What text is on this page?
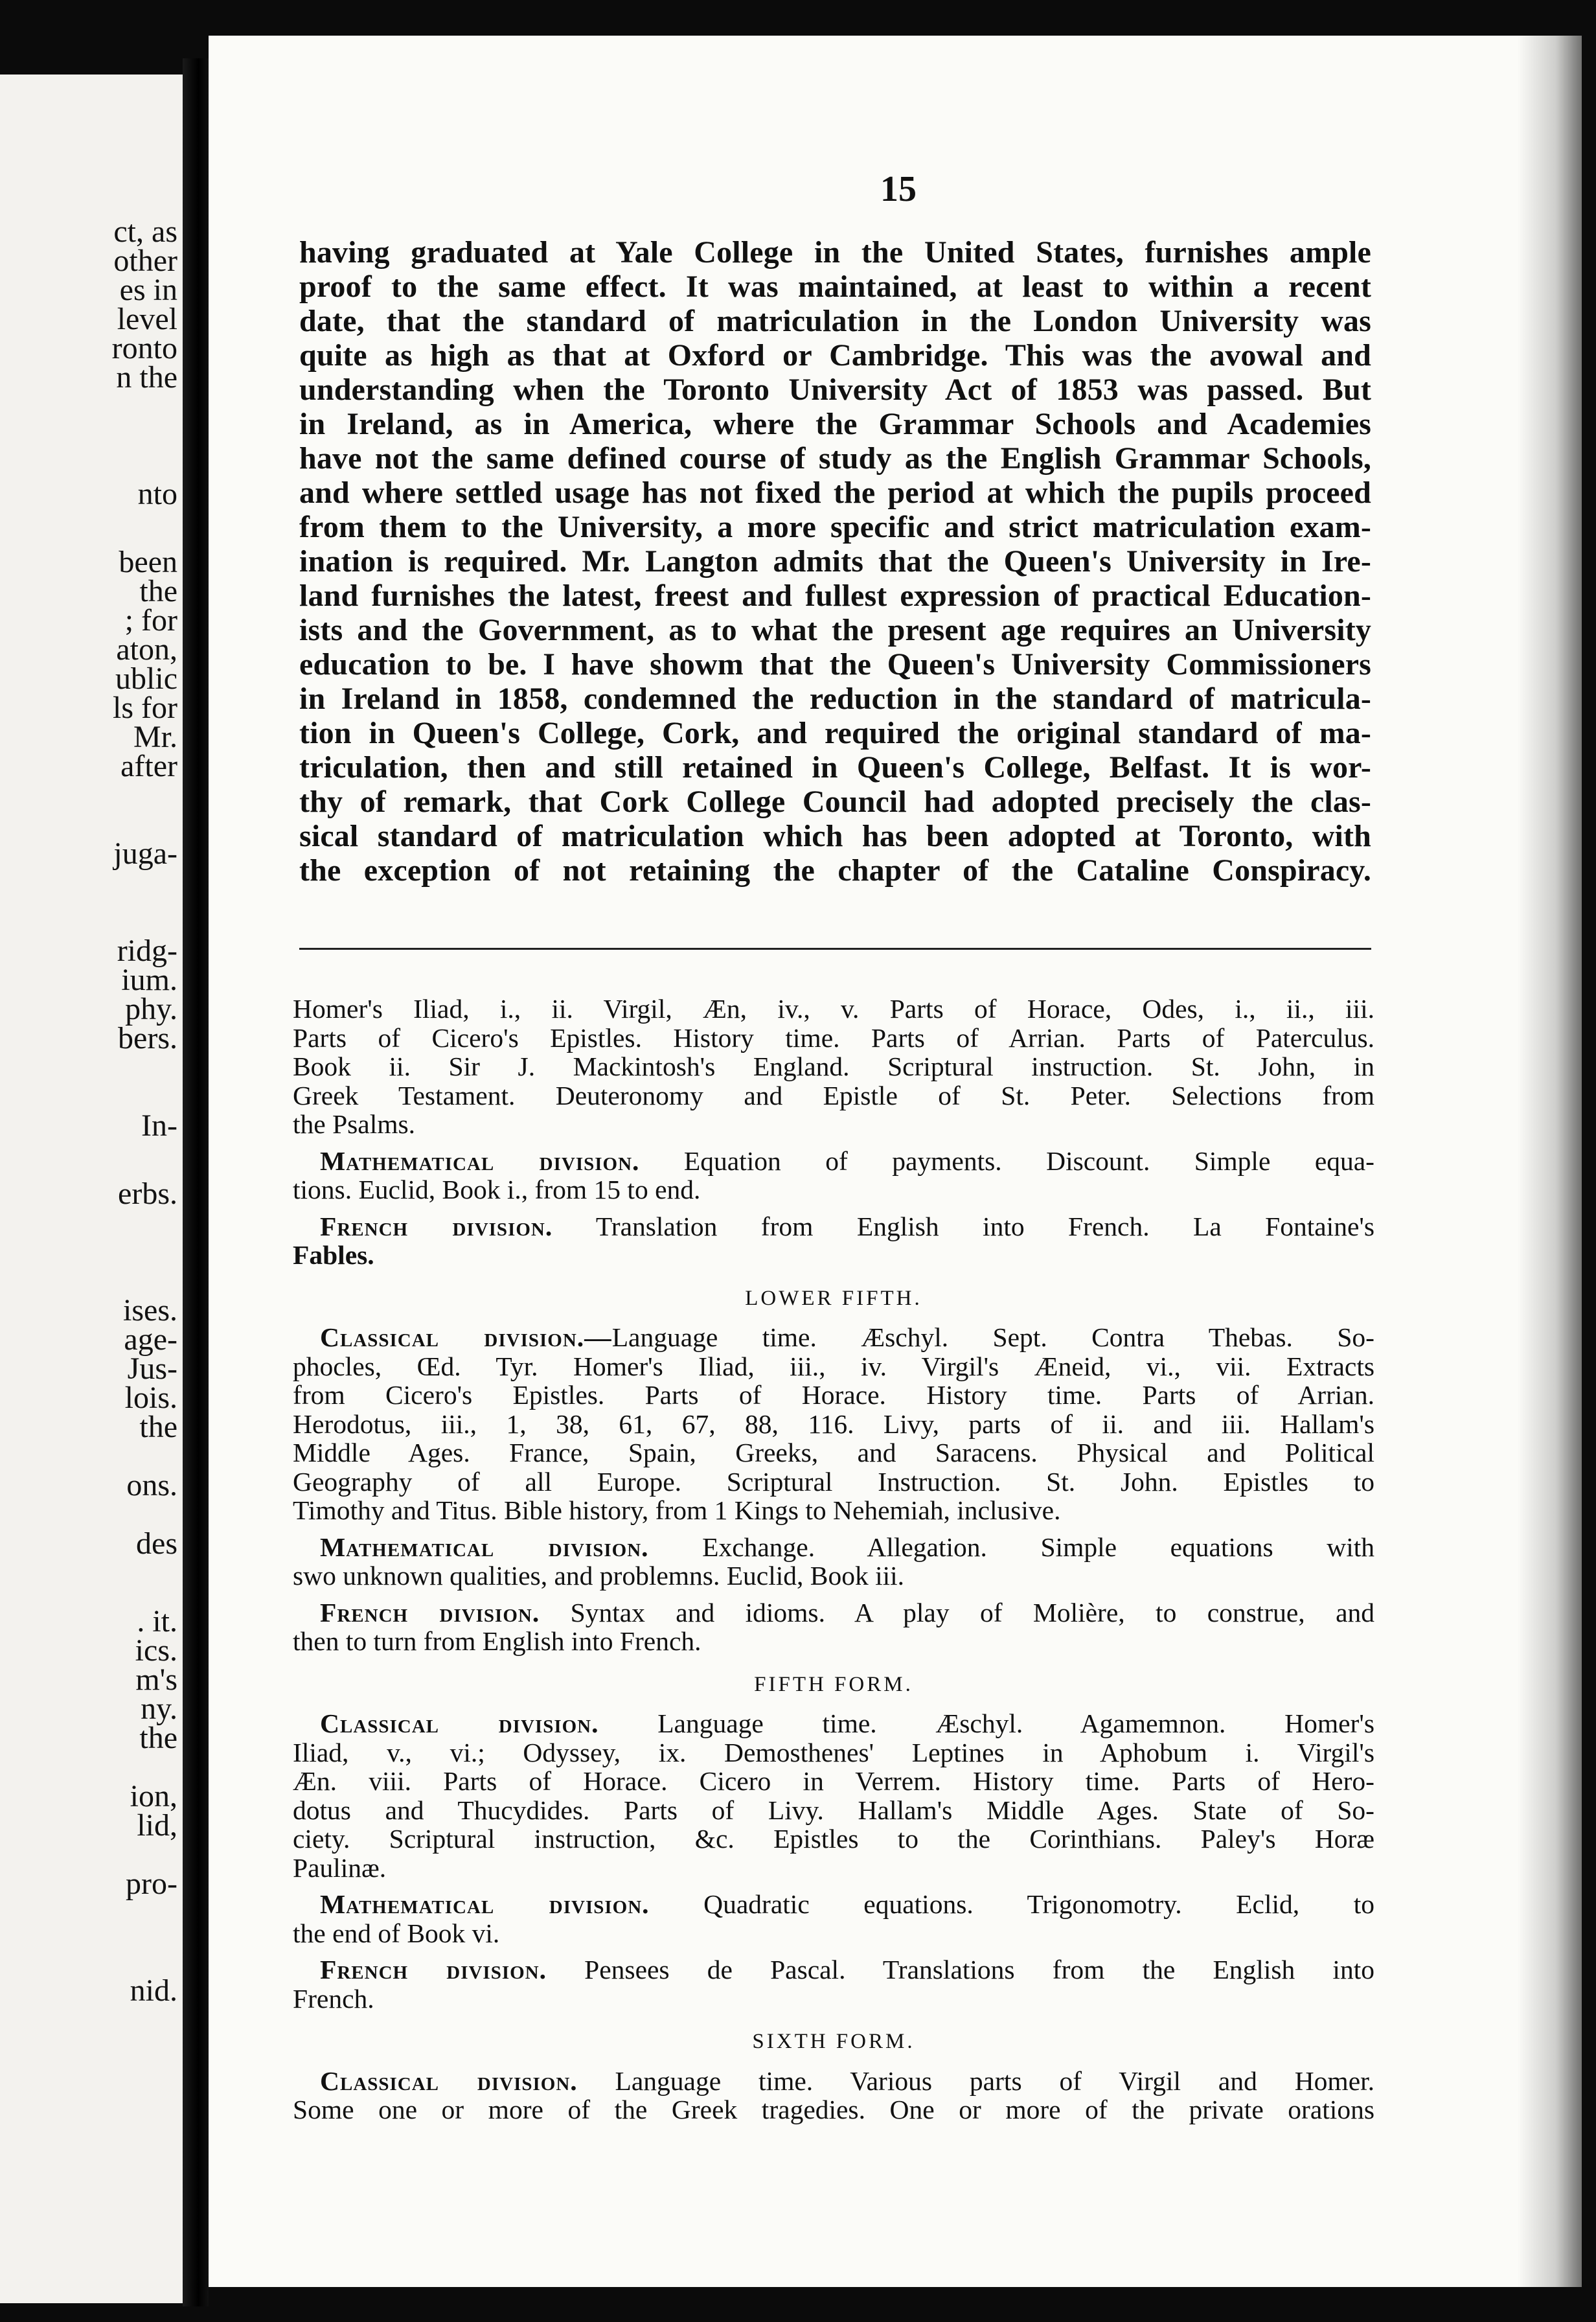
ct, as
other
es in
level
ronto
n the
nto
been
the
; for
aton,
ublic
ls for
Mr.
after
juga-
ridg-
ium.
phy.
bers.
In-
erbs.
ises.
age-
Jus-
lois.
the
ons.
des
. it.
ics.
m's
ny.
the
ion,
lid,
pro-
nid.
15
having graduated at Yale College in the United States, furnishes ample
proof to the same effect. It was maintained, at least to within a recent
date, that the standard of matriculation in the London University was
quite as high as that at Oxford or Cambridge. This was the avowal and
understanding when the Toronto University Act of 1853 was passed. But
in Ireland, as in America, where the Grammar Schools and Academies
have not the same defined course of study as the English Grammar Schools,
and where settled usage has not fixed the period at which the pupils proceed
from them to the University, a more specific and strict matriculation exam-
ination is required. Mr. Langton admits that the Queen's University in Ire-
land furnishes the latest, freest and fullest expression of practical Education-
ists and the Government, as to what the present age requires an University
education to be. I have showm that the Queen's University Commissioners
in Ireland in 1858, condemned the reduction in the standard of matricula-
tion in Queen's College, Cork, and required the original standard of ma-
triculation, then and still retained in Queen's College, Belfast. It is wor-
thy of remark, that Cork College Council had adopted precisely the clas-
sical standard of matriculation which has been adopted at Toronto, with
the exception of not retaining the chapter of the Cataline Conspiracy.
Homer's Iliad, i., ii. Virgil, Æn, iv., v. Parts of Horace, Odes, i., ii., iii.
Parts of Cicero's Epistles. History time. Parts of Arrian. Parts of Paterculus.
Book ii. Sir J. Mackintosh's England. Scriptural instruction. St. John, in
Greek Testament. Deuteronomy and Epistle of St. Peter. Selections from
the Psalms.
Mathematical division. Equation of payments. Discount. Simple equa-
tions. Euclid, Book i., from 15 to end.
French division. Translation from English into French. La Fontaine's
Fables.
LOWER FIFTH.
Classical division.—Language time. Æschyl. Sept. Contra Thebas. So-
phocles, Œd. Tyr. Homer's Iliad, iii., iv. Virgil's Æneid, vi., vii. Extracts
from Cicero's Epistles. Parts of Horace. History time. Parts of Arrian.
Herodotus, iii., 1, 38, 61, 67, 88, 116. Livy, parts of ii. and iii. Hallam's
Middle Ages. France, Spain, Greeks, and Saracens. Physical and Political
Geography of all Europe. Scriptural Instruction. St. John. Epistles to
Timothy and Titus. Bible history, from 1 Kings to Nehemiah, inclusive.
Mathematical division. Exchange. Allegation. Simple equations with
swo unknown qualities, and problemns. Euclid, Book iii.
French division. Syntax and idioms. A play of Molière, to construe, and
then to turn from English into French.
FIFTH FORM.
Classical division. Language time. Æschyl. Agamemnon. Homer's
Iliad, v., vi.; Odyssey, ix. Demosthenes' Leptines in Aphobum i. Virgil's
Æn. viii. Parts of Horace. Cicero in Verrem. History time. Parts of Hero-
dotus and Thucydides. Parts of Livy. Hallam's Middle Ages. State of So-
ciety. Scriptural instruction, &c. Epistles to the Corinthians. Paley's Horæ
Paulinæ.
Mathematical division. Quadratic equations. Trigonomotry. Eclid, to
the end of Book vi.
French division. Pensees de Pascal. Translations from the English into
French.
SIXTH FORM.
Classical division. Language time. Various parts of Virgil and Homer.
Some one or more of the Greek tragedies. One or more of the private orations
